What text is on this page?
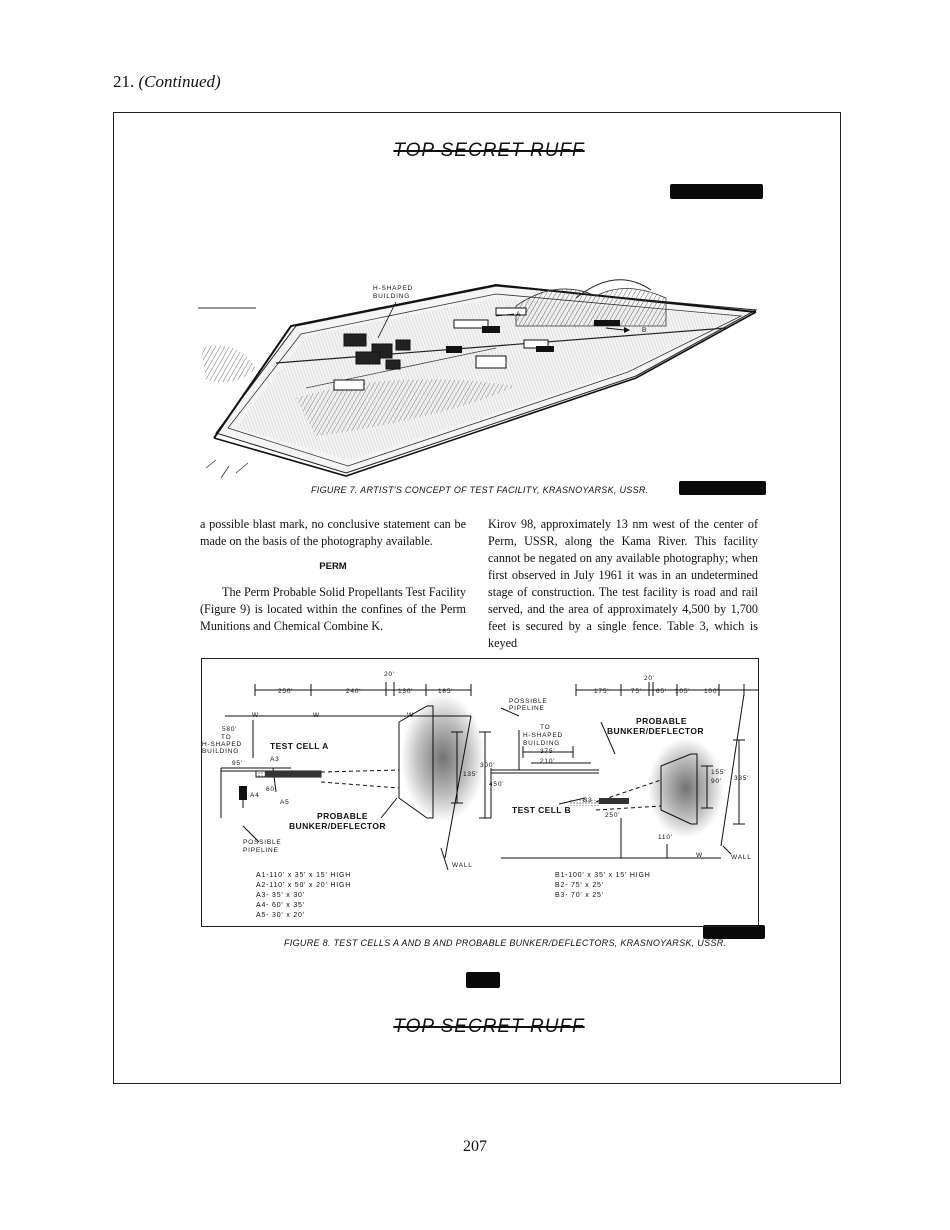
21. (Continued)
TOP SECRET RUFF
H-SHAPED
BUILDING
A
B
FIGURE 7. ARTIST'S CONCEPT OF TEST FACILITY, KRASNOYARSK, USSR.

a possible blast mark, no conclusive statement can be made on the basis of the photography available.

PERM

The Perm Probable Solid Propellants Test Facility (Figure 9) is located within the confines of the Perm Munitions and Chemical Combine K.

Kirov 98, approximately 13 nm west of the center of Perm, USSR, along the Kama River. This facility cannot be negated on any available photography; when first observed in July 1961 it was in an undetermined stage of construction. The test facility is road and rail served, and the area of approximately 4,500 by 1,700 feet is secured by a single fence. Table 3, which is keyed

20'
250'	240'	130'	185'
W	W	W
580'
TO
H-SHAPED
BUILDING
TEST CELL A
A3
95'
A4
60'
A5
300'
135'
450'
PROBABLE
BUNKER/DEFLECTOR
POSSIBLE
PIPELINE
WALL
20'
175'	75' 65' 105' 100'
POSSIBLE
PIPELINE
PROBABLE
BUNKER/DEFLECTOR
TO
H-SHAPED
BUILDING
375'
210'
TEST CELL B
B3
250'
155'
90' 335'
110'
W	WALL
A1-110' x 35' x 15' HIGH
A2-110' x 50' x 20' HIGH
A3- 35' x 30'
A4- 60' x 35'
A5- 30' x 20'
B1-100' x 35' x 15' HIGH
B2- 75' x 25'
B3- 70' x 25'
FIGURE 8. TEST CELLS A AND B AND PROBABLE BUNKER/DEFLECTORS, KRASNOYARSK, USSR.
TOP SECRET RUFF
207
